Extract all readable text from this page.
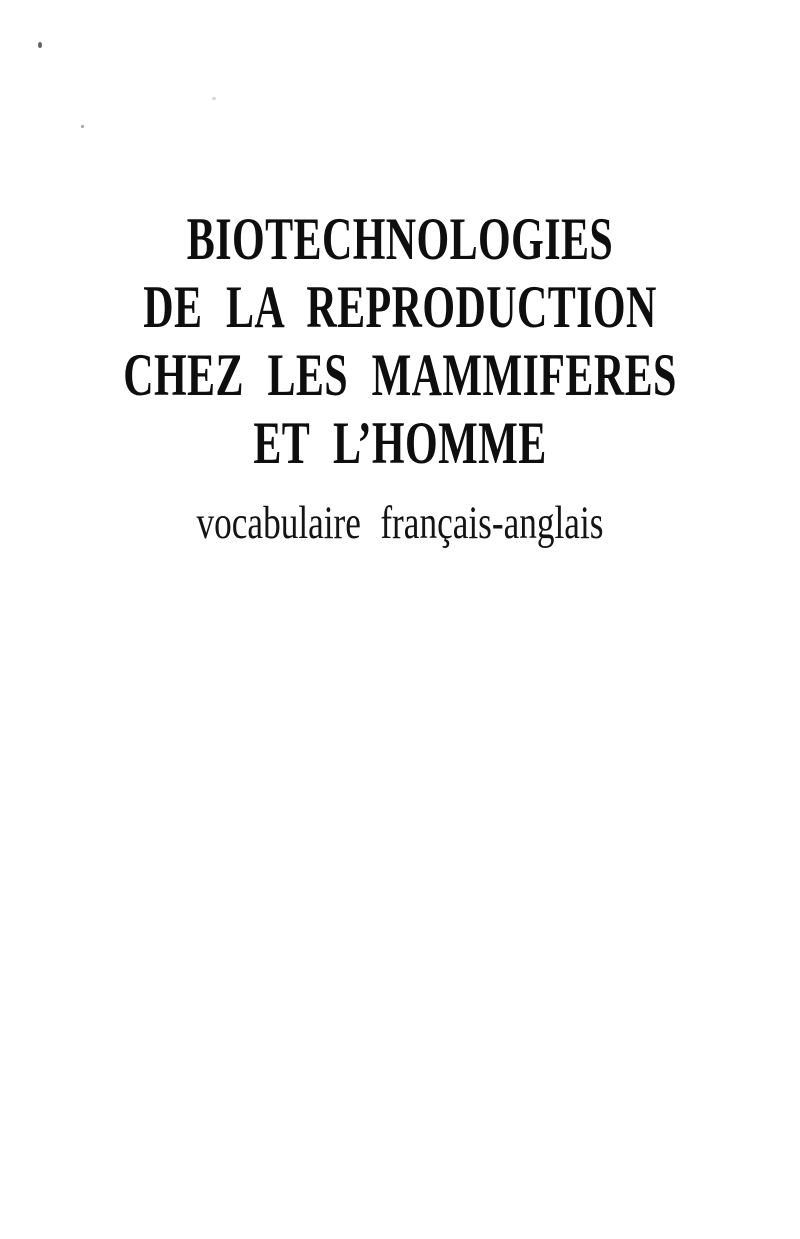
BIOTECHNOLOGIES
DE LA REPRODUCTION
CHEZ LES MAMMIFERES
ET L’HOMME
vocabulaire français-anglais
